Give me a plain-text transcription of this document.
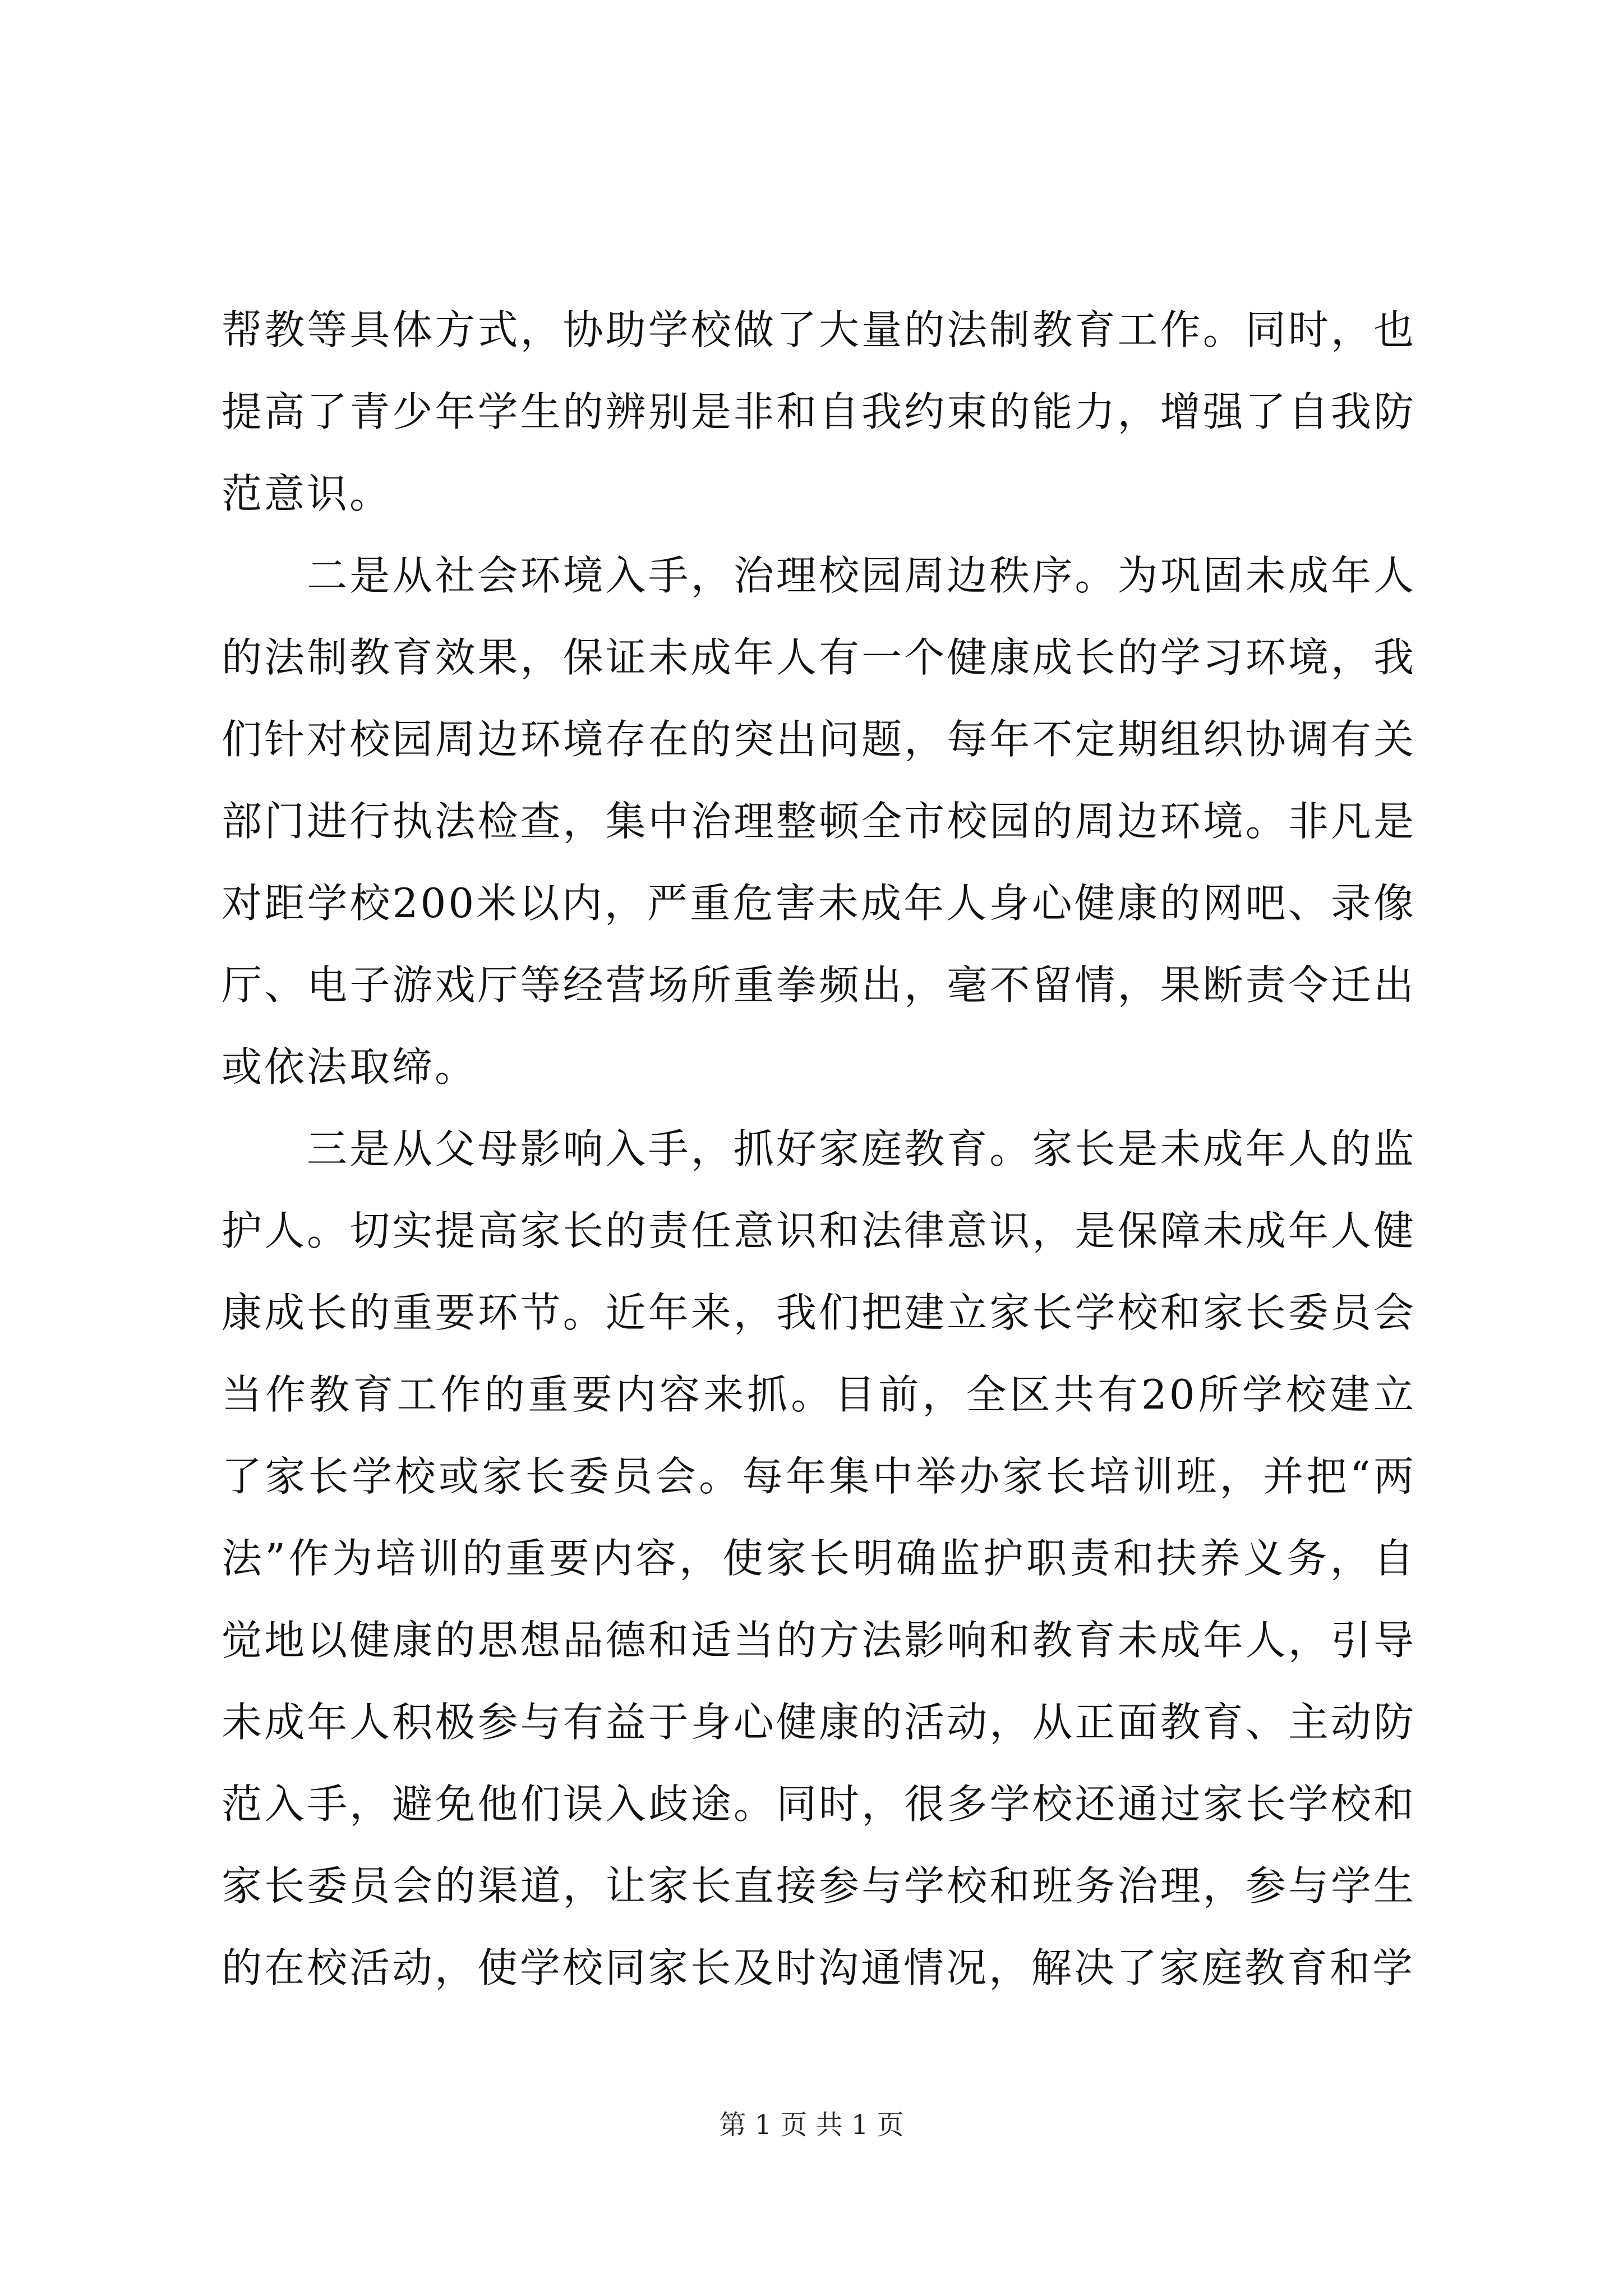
帮教等具体方式，协助学校做了大量的法制教育工作。同时，也提高了青少年学生的辨别是非和自我约束的能力，增强了自我防范意识。

二是从社会环境入手，治理校园周边秩序。为巩固未成年人的法制教育效果，保证未成年人有一个健康成长的学习环境，我们针对校园周边环境存在的突出问题，每年不定期组织协调有关部门进行执法检查，集中治理整顿全市校园的周边环境。非凡是对距学校200米以内，严重危害未成年人身心健康的网吧、录像厅、电子游戏厅等经营场所重拳频出，毫不留情，果断责令迁出或依法取缔。

三是从父母影响入手，抓好家庭教育。家长是未成年人的监护人。切实提高家长的责任意识和法律意识，是保障未成年人健康成长的重要环节。近年来，我们把建立家长学校和家长委员会当作教育工作的重要内容来抓。目前，全区共有20所学校建立了家长学校或家长委员会。每年集中举办家长培训班，并把“两法”作为培训的重要内容，使家长明确监护职责和扶养义务，自觉地以健康的思想品德和适当的方法影响和教育未成年人，引导未成年人积极参与有益于身心健康的活动，从正面教育、主动防范入手，避免他们误入歧途。同时，很多学校还通过家长学校和家长委员会的渠道，让家长直接参与学校和班务治理，参与学生的在校活动，使学校同家长及时沟通情况，解决了家庭教育和学

第 1 页 共 1 页
